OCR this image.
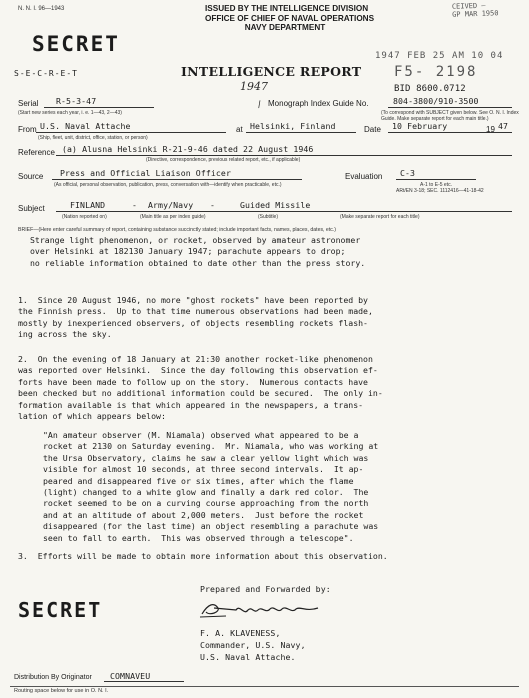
N. N. I. 96—1943	CEIVED —
GP MAR 1950
SECRET
S-E-C-R-E-T
ISSUED BY THE INTELLIGENCE DIVISION
OFFICE OF CHIEF OF NAVAL OPERATIONS
NAVY DEPARTMENT
INTELLIGENCE REPORT
1947
1947 FEB 25 AM 10 04
F5- 2198
BID 8600.0712
Serial R-5-3-47
(Start new series each year, i. e. 1—43, 2—43)
/ Monograph Index Guide No.	804-3800/910-3500
(To correspond with SUBJECT given below. See O. N. I. Index Guide. Make separate report for each main title.)
From U.S. Naval Attache
(Ship, fleet, unit, district, office, station, or person)
at Helsinki, Finland	Date 10 February	19 47
Reference (a) Alusna Helsinki R-21-9-46 dated 22 August 1946
(Directive, correspondence, previous related report, etc., if applicable)
Source Press and Official Liaison Officer
(As official, personal observation, publication, press, conversation with—identify when practicable, etc.)
Evaluation C-3
A-1 to E-5 etc.
ARt/EN 3-18; SEC. 1112416—41-18-42
Subject	FINLAND	- Army/Navy -	Guided Missile
(Nation reported on)	(Main title as per index guide)	(Subtitle)	(Make separate report for each title)
BRIEF—(Here enter careful summary of report, containing substance succinctly stated; include important facts, names, places, dates, etc.)
Strange light phenomenon, or rocket, observed by amateur astronomer
over Helsinki at 182130 January 1947; parachute appears to drop;
no reliable information obtained to date other than the press story.
1.  Since 20 August 1946, no more "ghost rockets" have been reported by
the Finnish press.  Up to that time numerous observations had been made,
mostly by inexperienced observers, of objects resembling rockets flash-
ing across the sky.
2.  On the evening of 18 January at 21:30 another rocket-like phenomenon
was reported over Helsinki.  Since the day following this observation ef-
forts have been made to follow up on the story.  Numerous contacts have
been checked but no additional information could be secured.  The only in-
formation available is that which appeared in the newspapers, a trans-
lation of which appears below:
"An amateur observer (M. Niamala) observed what appeared to be a
rocket at 2130 on Saturday evening.  Mr. Niamala, who was working at
the Ursa Observatory, claims he saw a clear yellow light which was
visible for almost 10 seconds, at three second intervals.  It ap-
peared and disappeared five or six times, after which the flame
(light) changed to a white glow and finally a dark red color.  The
rocket seemed to be on a curving course approaching from the north
and at an altitude of about 2,000 meters.  Just before the rocket
disappeared (for the last time) an object resembling a parachute was
seen to fall to earth.  This was observed through a telescope".
3.  Efforts will be made to obtain more information about this observation.
Prepared and Forwarded by:
SECRET
F. A. KLAVENESS,
Commander, U.S. Navy,
U.S. Naval Attache.
Distribution By Originator COMNAVEU
Routing space below for use in O. N. I.
